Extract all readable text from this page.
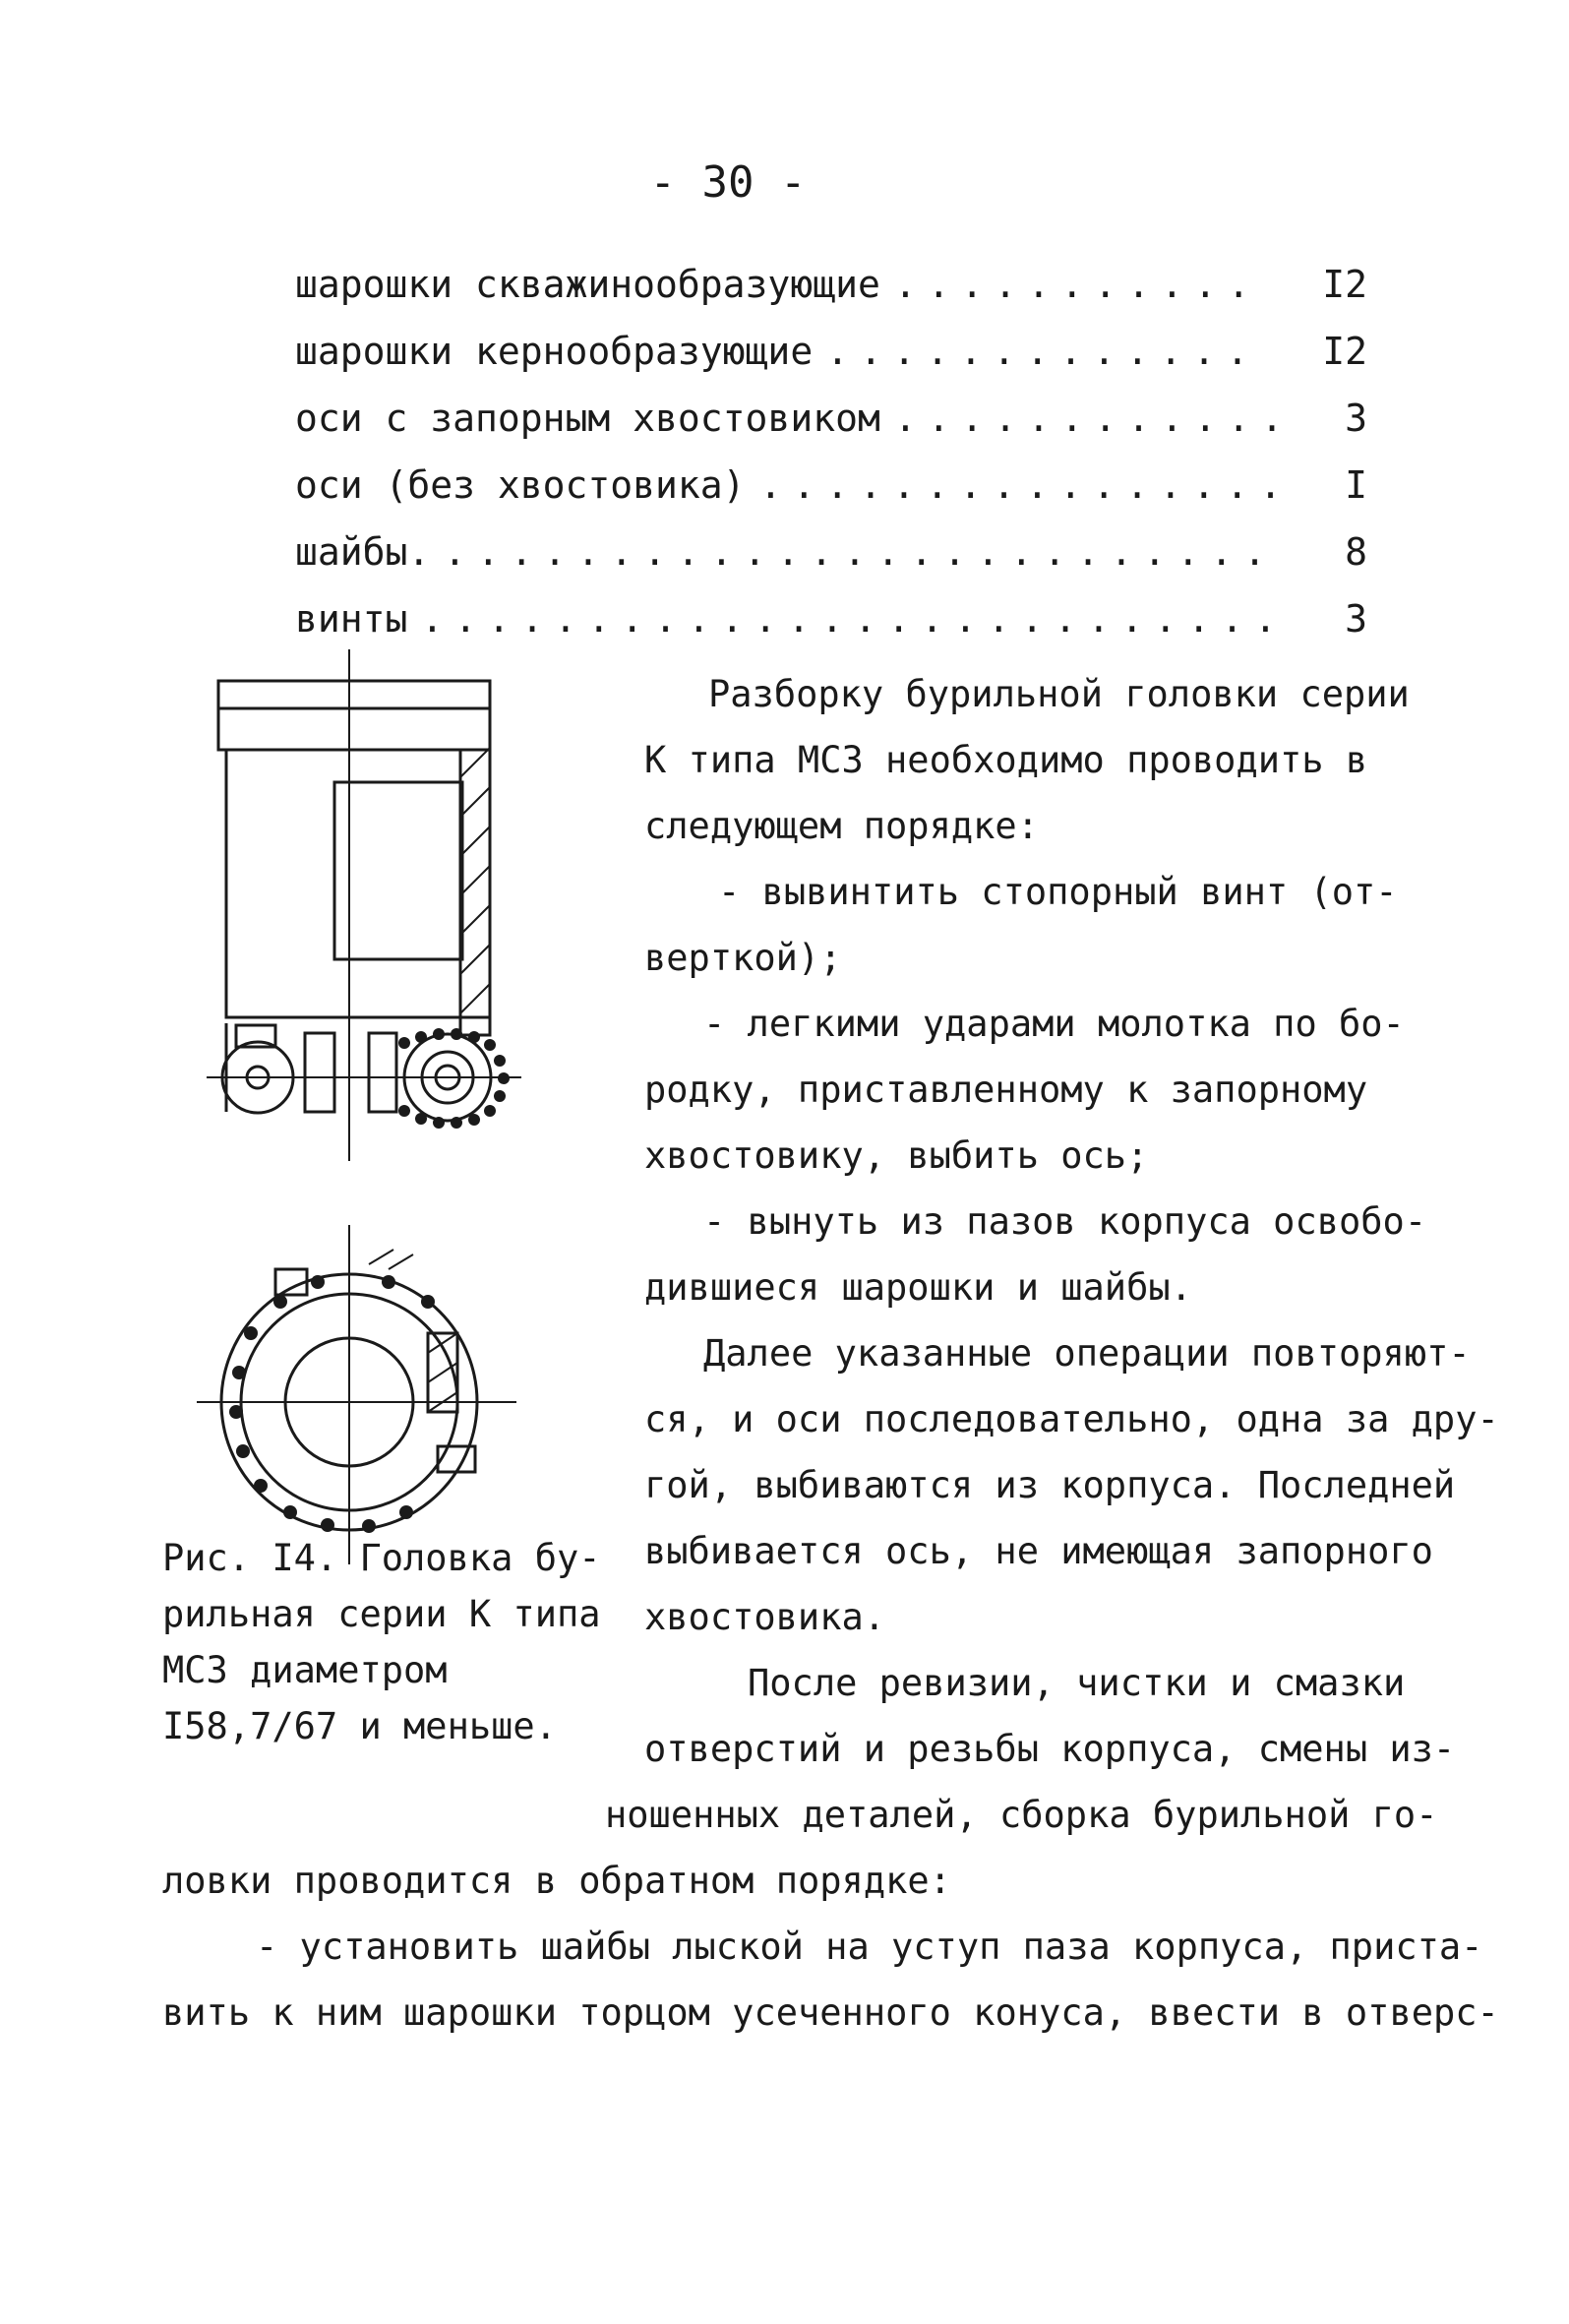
- 30 -
шарошки скважинообразующие ........... I2
шарошки кернообразующие ............. I2
оси с запорным хвостовиком ............ 3
оси (без хвостовика) ................ I
шайбы. ......................... 8
винты .......................... 3

Рис. I4. Головка бу-

рильная серии К типа

МСЗ диаметром

I58,7/67 и меньше.

Разборку бурильной головки серии

К типа МСЗ необходимо проводить в

следующем порядке:

- вывинтить стопорный винт (от-

верткой);

- легкими ударами молотка по бо-

родку, приставленному к запорному

хвостовику, выбить ось;

- вынуть из пазов корпуса освобо-

дившиеся шарошки и шайбы.

Далее указанные операции повторяют-

ся, и оси последовательно, одна за дру-

гой, выбиваются из корпуса. Последней

выбивается ось, не имеющая запорного

хвостовика.

После ревизии, чистки и смазки

отверстий и резьбы корпуса, смены из-

ношенных деталей, сборка бурильной го-

ловки проводится в обратном порядке:

- установить шайбы лыской на уступ паза корпуса, приста-

вить к ним шарошки торцом усеченного конуса, ввести в отверс-
